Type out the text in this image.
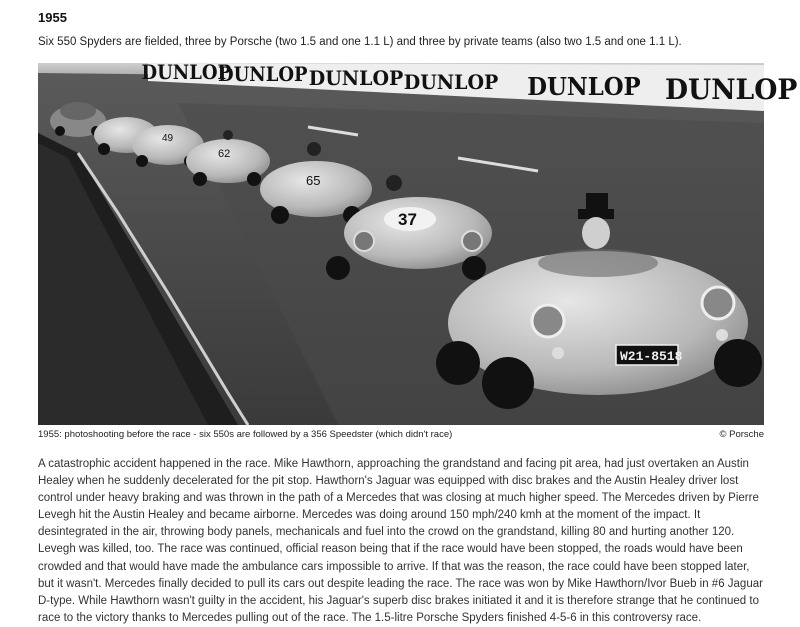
1955
Six 550 Spyders are fielded, three by Porsche (two 1.5 and one 1.1 L) and three by private teams (also two 1.5 and one 1.1 L).
DUNLOP
DUNLOP DUNLOP DUNLOP DUNLOP DUNLOP
49
62
65
37
W21-8518
1955: photoshooting before the race - six 550s are followed by a 356 Speedster (which didn't race)	© Porsche

A catastrophic accident happened in the race. Mike Hawthorn, approaching the grandstand and facing pit area, had just overtaken an Austin Healey when he suddenly decelerated for the pit stop. Hawthorn's Jaguar was equipped with disc brakes and the Austin Healey driver lost control under heavy braking and was thrown in the path of a Mercedes that was closing at much higher speed. The Mercedes driven by Pierre Levegh hit the Austin Healey and became airborne. Mercedes was doing around 150 mph/240 kmh at the moment of the impact. It desintegrated in the air, throwing body panels, mechanicals and fuel into the crowd on the grandstand, killing 80 and hurting another 120. Levegh was killed, too. The race was continued, official reason being that if the race would have been stopped, the roads would have been crowded and that would have made the ambulance cars impossible to arrive. If that was the reason, the race could have been stopped later, but it wasn't. Mercedes finally decided to pull its cars out despite leading the race. The race was won by Mike Hawthorn/Ivor Bueb in #6 Jaguar D-type. While Hawthorn wasn't guilty in the accident, his Jaguar's superb disc brakes initiated it and it is therefore strange that he continued to race to the victory thanks to Mercedes pulling out of the race. The 1.5-litre Porsche Spyders finished 4-5-6 in this controversy race.
